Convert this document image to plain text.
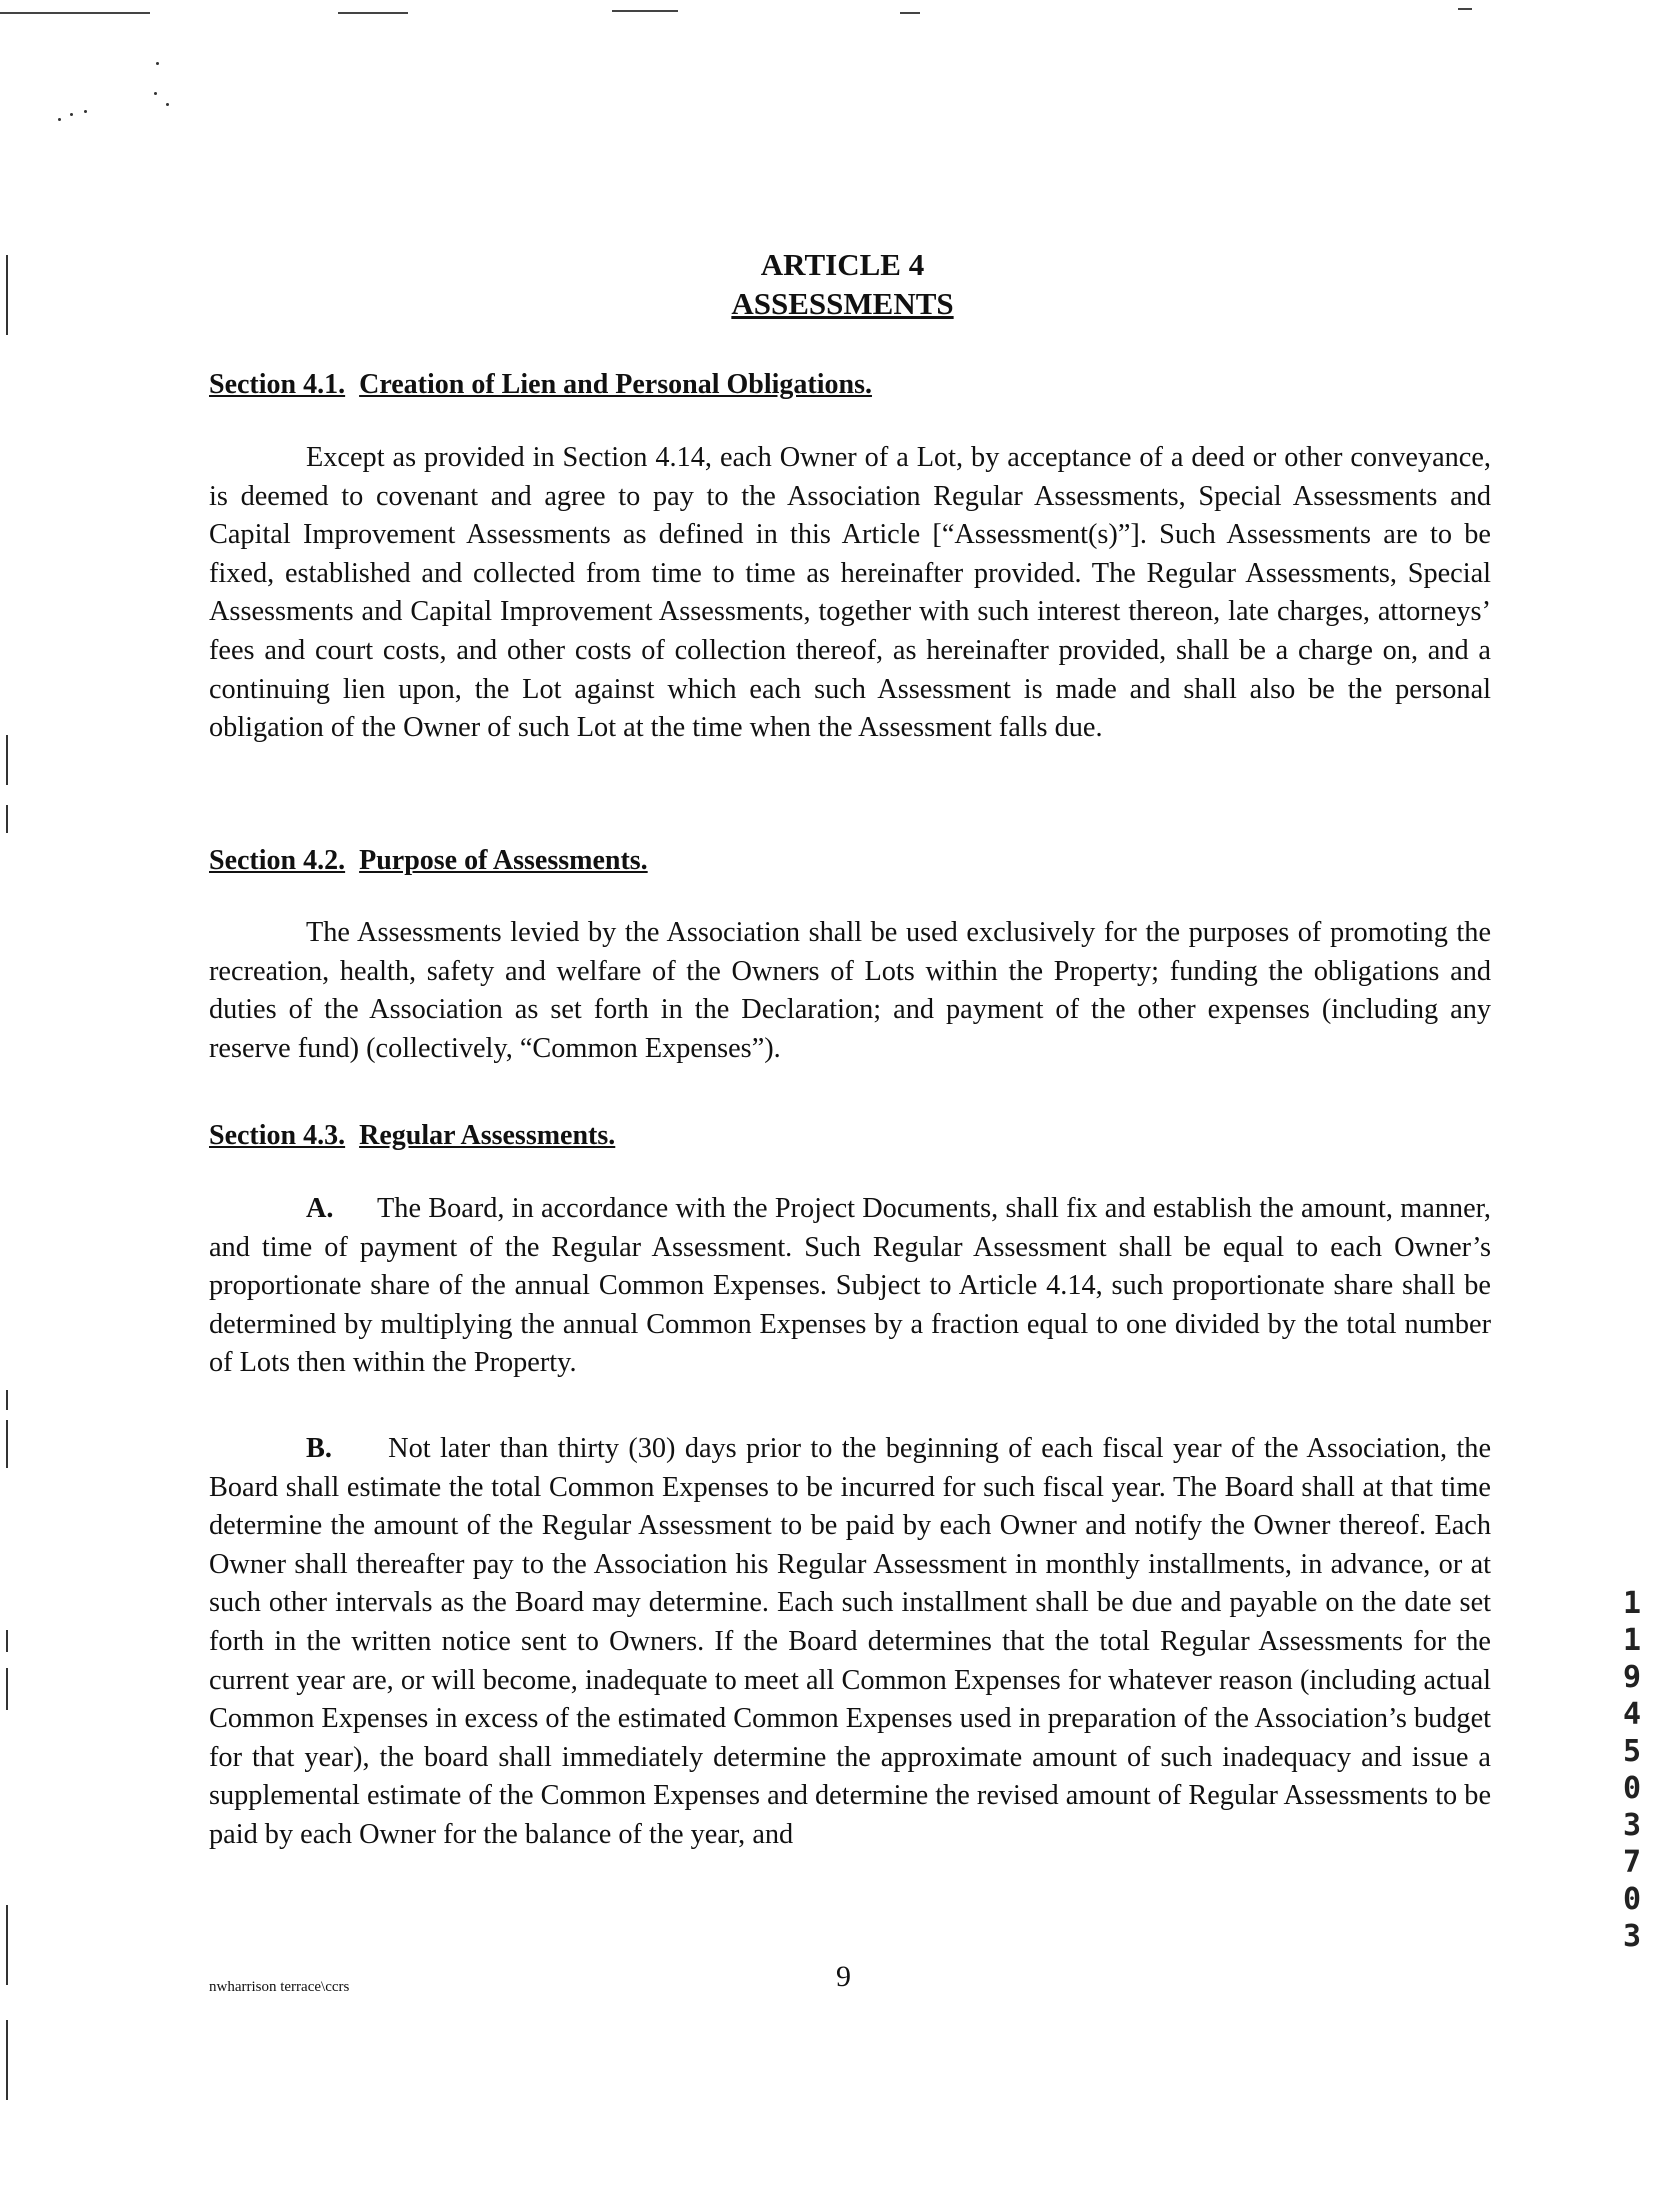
ARTICLE 4
ASSESSMENTS
Section 4.1. Creation of Lien and Personal Obligations.

Except as provided in Section 4.14, each Owner of a Lot, by acceptance of a deed or other conveyance, is deemed to covenant and agree to pay to the Association Regular Assessments, Special Assessments and Capital Improvement Assessments as defined in this Article [“Assessment(s)”]. Such Assessments are to be fixed, established and collected from time to time as hereinafter provided. The Regular Assessments, Special Assessments and Capital Improvement Assessments, together with such interest thereon, late charges, attorneys’ fees and court costs, and other costs of collection thereof, as hereinafter provided, shall be a charge on, and a continuing lien upon, the Lot against which each such Assessment is made and shall also be the personal obligation of the Owner of such Lot at the time when the Assessment falls due.

Section 4.2. Purpose of Assessments.

The Assessments levied by the Association shall be used exclusively for the purposes of promoting the recreation, health, safety and welfare of the Owners of Lots within the Property; funding the obligations and duties of the Association as set forth in the Declaration; and payment of the other expenses (including any reserve fund) (collectively, “Common Expenses”).

Section 4.3. Regular Assessments.

A. The Board, in accordance with the Project Documents, shall fix and establish the amount, manner, and time of payment of the Regular Assessment. Such Regular Assessment shall be equal to each Owner’s proportionate share of the annual Common Expenses. Subject to Article 4.14, such proportionate share shall be determined by multiplying the annual Common Expenses by a fraction equal to one divided by the total number of Lots then within the Property.

B. Not later than thirty (30) days prior to the beginning of each fiscal year of the Association, the Board shall estimate the total Common Expenses to be incurred for such fiscal year. The Board shall at that time determine the amount of the Regular Assessment to be paid by each Owner and notify the Owner thereof. Each Owner shall thereafter pay to the Association his Regular Assessment in monthly installments, in advance, or at such other intervals as the Board may determine. Each such installment shall be due and payable on the date set forth in the written notice sent to Owners. If the Board determines that the total Regular Assessments for the current year are, or will become, inadequate to meet all Common Expenses for whatever reason (including actual Common Expenses in excess of the estimated Common Expenses used in preparation of the Association’s budget for that year), the board shall immediately determine the approximate amount of such inadequacy and issue a supplemental estimate of the Common Expenses and determine the revised amount of Regular Assessments to be paid by each Owner for the balance of the year, and

nwharrison terrace\ccrs	9
1194503703
